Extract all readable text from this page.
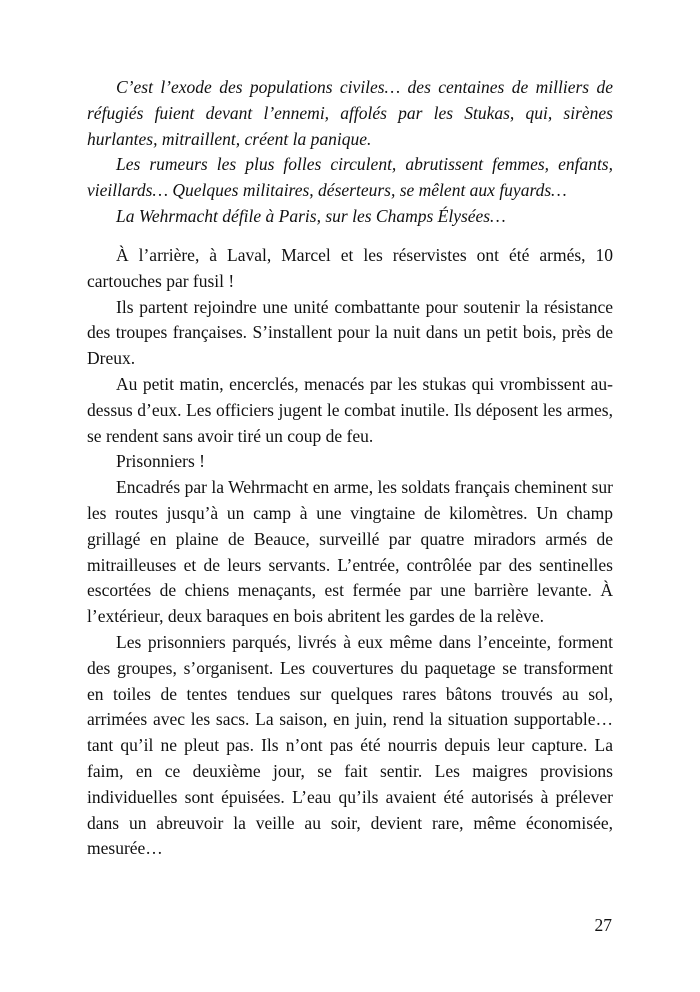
C’est l’exode des populations civiles… des centaines de milliers de réfugiés fuient devant l’ennemi, affolés par les Stukas, qui, sirènes hurlantes, mitraillent, créent la panique.

Les rumeurs les plus folles circulent, abrutissent femmes, enfants, vieillards… Quelques militaires, déserteurs, se mêlent aux fuyards…

La Wehrmacht défile à Paris, sur les Champs Élysées…

À l’arrière, à Laval, Marcel et les réservistes ont été armés, 10 cartouches par fusil !

Ils partent rejoindre une unité combattante pour soutenir la résistance des troupes françaises. S’installent pour la nuit dans un petit bois, près de Dreux.

Au petit matin, encerclés, menacés par les stukas qui vrombissent au-dessus d’eux. Les officiers jugent le combat inutile. Ils déposent les armes, se rendent sans avoir tiré un coup de feu.

Prisonniers !

Encadrés par la Wehrmacht en arme, les soldats français cheminent sur les routes jusqu’à un camp à une vingtaine de kilomètres. Un champ grillagé en plaine de Beauce, surveillé par quatre miradors armés de mitrailleuses et de leurs servants. L’entrée, contrôlée par des sentinelles escortées de chiens menaçants, est fermée par une barrière levante. À l’extérieur, deux baraques en bois abritent les gardes de la relève.

Les prisonniers parqués, livrés à eux même dans l’enceinte, forment des groupes, s’organisent. Les couvertures du paquetage se transforment en toiles de tentes tendues sur quelques rares bâtons trouvés au sol, arrimées avec les sacs. La saison, en juin, rend la situation supportable… tant qu’il ne pleut pas. Ils n’ont pas été nourris depuis leur capture. La faim, en ce deuxième jour, se fait sentir. Les maigres provisions individuelles sont épuisées. L’eau qu’ils avaient été autorisés à prélever dans un abreuvoir la veille au soir, devient rare, même économisée, mesurée…

27
